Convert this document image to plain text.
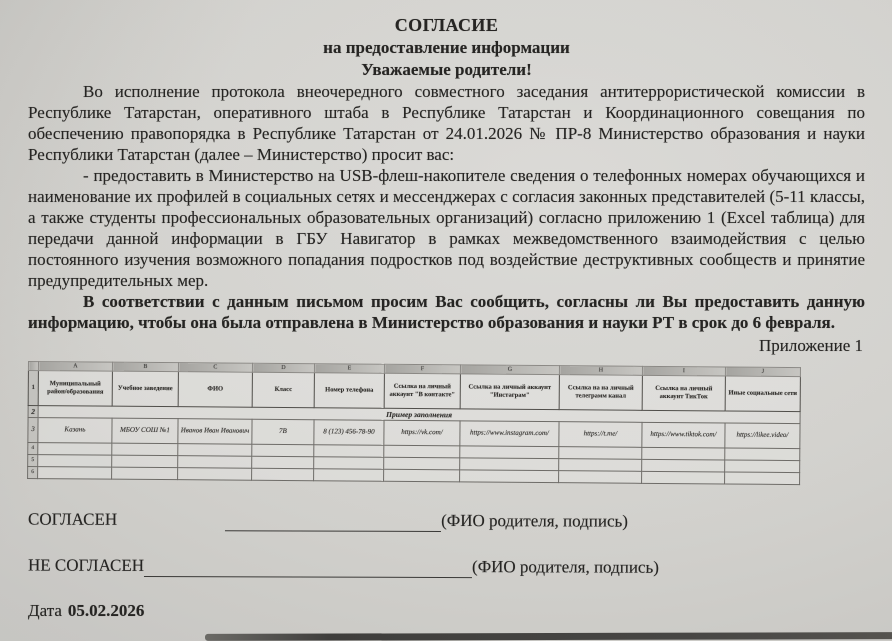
СОГЛАСИЕ
на предоставление информации
Уважаемые родители!

Во исполнение протокола внеочередного совместного заседания антитеррористической комиссии в Республике Татарстан, оперативного штаба в Республике Татарстан и Координационного совещания по обеспечению правопорядка в Республике Татарстан от 24.01.2026 № ПР-8 Министерство образования и науки Республики Татарстан (далее – Министерство) просит вас:

- предоставить в Министерство на USB-флеш-накопителе сведения о телефонных номерах обучающихся и наименование их профилей в социальных сетях и мессенджерах с согласия законных представителей (5-11 классы, а также студенты профессиональных образовательных организаций) согласно приложению 1 (Excel таблица) для передачи данной информации в ГБУ Навигатор в рамках межведомственного взаимодействия с целью постоянного изучения возможного попадания подростков под воздействие деструктивных сообществ и принятие предупредительных мер.

В соответствии с данным письмом просим Вас сообщить, согласны ли Вы предоставить данную информацию, чтобы она была отправлена в Министерство образования и науки РТ в срок до 6 февраля.

Приложение 1
	A	B	C	D	E	F	G	H	I	J
1	Муниципальный район/образования	Учебное заведение	ФИО	Класс	Номер телефона	Ссылка на личный аккаунт "В контакте"	Ссылка на личный аккаунт "Инстаграм"	Ссылка на на личный телеграмм канал	Ссылка на личный аккаунт ТикТок	Иные социальные сети
2	Пример заполнения									
3	Казань	МБОУ СОШ №1	Иванов Иван Иванович	7В	8 (123) 456-78-90	https://vk.com/	https://www.instagram.com/	https://t.me/	https://www.tiktok.com/	https://likee.video/
4										
5										
6										
СОГЛАСЕН	(ФИО родителя, подпись)
НЕ СОГЛАСЕН	(ФИО родителя, подпись)
Дата 05.02.2026
